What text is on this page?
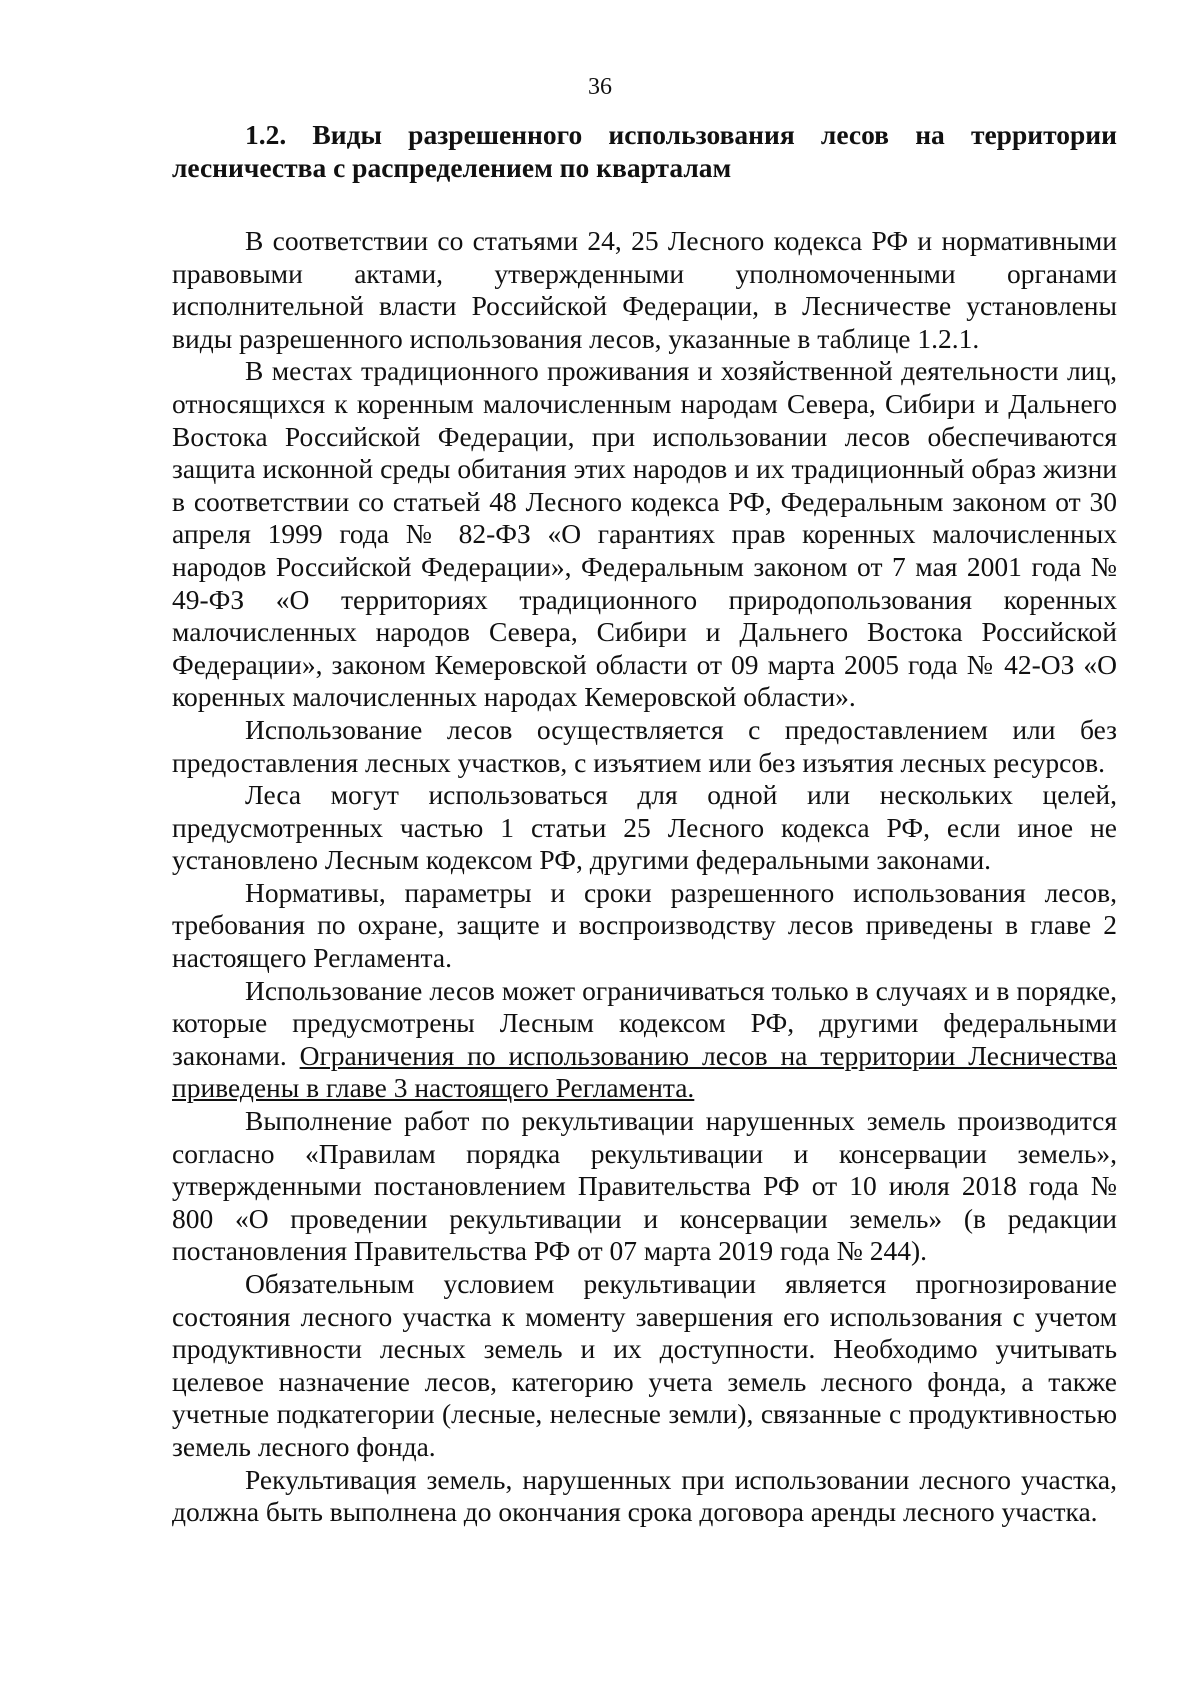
36

1.2. Виды разрешенного использования лесов на территории лесничества с распределением по кварталам

В соответствии со статьями 24, 25 Лесного кодекса РФ и нормативными правовыми актами, утвержденными уполномоченными органами исполнительной власти Российской Федерации, в Лесничестве установлены виды разрешенного использования лесов, указанные в таблице 1.2.1.

В местах традиционного проживания и хозяйственной деятельности лиц, относящихся к коренным малочисленным народам Севера, Сибири и Дальнего Востока Российской Федерации, при использовании лесов обеспечиваются защита исконной среды обитания этих народов и их традиционный образ жизни в соответствии со статьей 48 Лесного кодекса РФ, Федеральным законом от 30 апреля 1999 года № 82-ФЗ «О гарантиях прав коренных малочисленных народов Российской Федерации», Федеральным законом от 7 мая 2001 года № 49-ФЗ «О территориях традиционного природопользования коренных малочисленных народов Севера, Сибири и Дальнего Востока Российской Федерации», законом Кемеровской области от 09 марта 2005 года № 42-ОЗ «О коренных малочисленных народах Кемеровской области».

Использование лесов осуществляется с предоставлением или без предоставления лесных участков, с изъятием или без изъятия лесных ресурсов.

Леса могут использоваться для одной или нескольких целей, предусмотренных частью 1 статьи 25 Лесного кодекса РФ, если иное не установлено Лесным кодексом РФ, другими федеральными законами.

Нормативы, параметры и сроки разрешенного использования лесов, требования по охране, защите и воспроизводству лесов приведены в главе 2 настоящего Регламента.

Использование лесов может ограничиваться только в случаях и в порядке, которые предусмотрены Лесным кодексом РФ, другими федеральными законами. Ограничения по использованию лесов на территории Лесничества приведены в главе 3 настоящего Регламента.

Выполнение работ по рекультивации нарушенных земель производится согласно «Правилам порядка рекультивации и консервации земель», утвержденными постановлением Правительства РФ от 10 июля 2018 года № 800 «О проведении рекультивации и консервации земель» (в редакции постановления Правительства РФ от 07 марта 2019 года № 244).

Обязательным условием рекультивации является прогнозирование состояния лесного участка к моменту завершения его использования с учетом продуктивности лесных земель и их доступности. Необходимо учитывать целевое назначение лесов, категорию учета земель лесного фонда, а также учетные подкатегории (лесные, нелесные земли), связанные с продуктивностью земель лесного фонда.

Рекультивация земель, нарушенных при использовании лесного участка, должна быть выполнена до окончания срока договора аренды лесного участка.
